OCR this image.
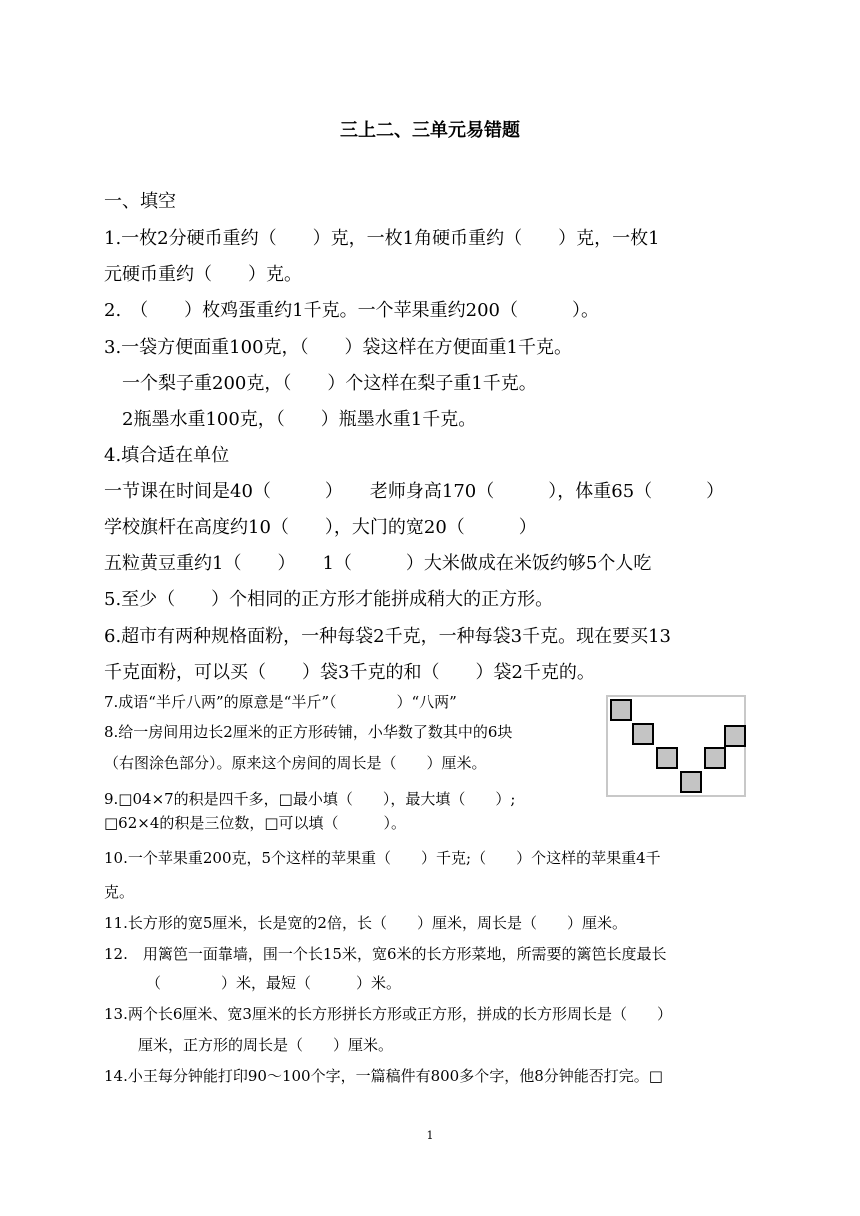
三上二、三单元易错题
一、填空
1.一枚2分硬币重约（　　）克，一枚1角硬币重约（　　）克，一枚1
元硬币重约（　　）克。
2.　（　　）枚鸡蛋重约1千克。一个苹果重约200（　　　）。
3.一袋方便面重100克，（　　）袋这样在方便面重1千克。
一个梨子重200克，（　　）个这样在梨子重1千克。
2瓶墨水重100克，（　　）瓶墨水重1千克。
4.填合适在单位
一节课在时间是40（　　　）　　老师身高170（　　　），体重65（　　　）
学校旗杆在高度约10（　　），大门的宽20（　　　）
五粒黄豆重约1（　　）　　1（　　　）大米做成在米饭约够5个人吃
5.至少（　　）个相同的正方形才能拼成稍大的正方形。
6.超市有两种规格面粉，一种每袋2千克，一种每袋3千克。现在要买13
千克面粉，可以买（　　）袋3千克的和（　　）袋2千克的。
7.成语“半斤八两”的原意是“半斤”（　　　　）“八两”
8.给一房间用边长2厘米的正方形砖铺，小华数了数其中的6块
（右图涂色部分）。原来这个房间的周长是（　　）厘米。
9.□04×7的积是四千多，□最小填（　　），最大填（　　）;
□62×4的积是三位数，□可以填（　　　）。
10.一个苹果重200克，5个这样的苹果重（　　）千克;（　　）个这样的苹果重4千
克。
11.长方形的宽5厘米，长是宽的2倍，长（　　）厘米，周长是（　　）厘米。
12.　用篱笆一面靠墙，围一个长15米，宽6米的长方形菜地，所需要的篱笆长度最长
（　　　　）米，最短（　　　）米。
13.两个长6厘米、宽3厘米的长方形拼长方形或正方形，拼成的长方形周长是（　　）
厘米，正方形的周长是（　　）厘米。
14.小王每分钟能打印90～100个字，一篇稿件有800多个字，他8分钟能否打完。□
1
